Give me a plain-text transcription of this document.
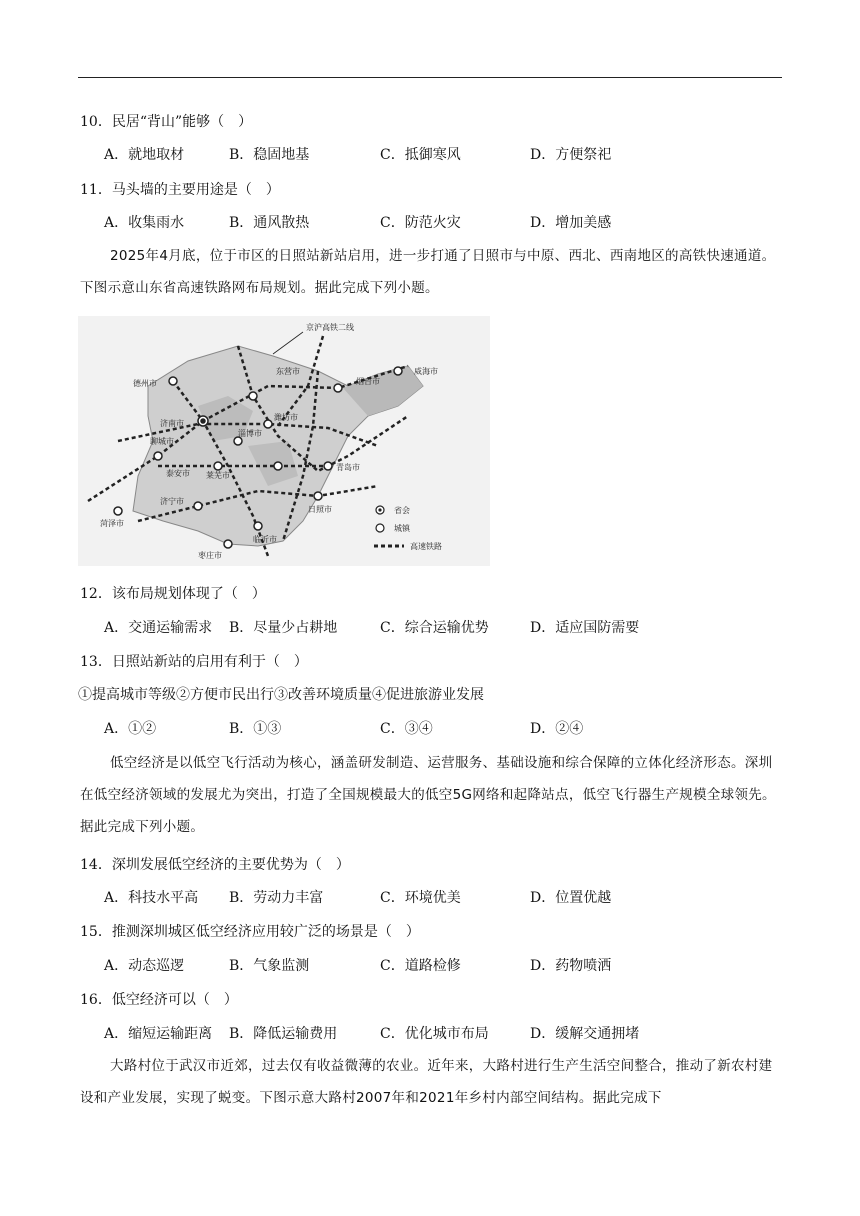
10．民居“背山”能够（　）
A．就地取材	B．稳固地基	C．抵御寒风	D．方便祭祀
11．马头墙的主要用途是（　）
A．收集雨水	B．通风散热	C．防范火灾	D．增加美感
2025年4月底，位于市区的日照站新站启用，进一步打通了日照市与中原、西北、西南地区的高铁快速通道。下图示意山东省高速铁路网布局规划。据此完成下列小题。
京沪高铁二线
德州市
东营市
烟台市
威海市
济南市
聊城市
淄博市
潍坊市
泰安市 莱芜市
青岛市
济宁市
日照市
菏泽市
临沂市
枣庄市
省会
城镇
高速铁路
12．该布局规划体现了（　）
A．交通运输需求 B．尽量少占耕地	C．综合运输优势	D．适应国防需要
13．日照站新站的启用有利于（　）
①提高城市等级②方便市民出行③改善环境质量④促进旅游业发展
A．①②	B．①③	C．③④	D．②④
低空经济是以低空飞行活动为核心，涵盖研发制造、运营服务、基础设施和综合保障的立体化经济形态。深圳在低空经济领域的发展尤为突出，打造了全国规模最大的低空5G网络和起降站点，低空飞行器生产规模全球领先。据此完成下列小题。
14．深圳发展低空经济的主要优势为（　）
A．科技水平高 B．劳动力丰富	C．环境优美	D．位置优越
15．推测深圳城区低空经济应用较广泛的场景是（　）
A．动态巡逻	B．气象监测	C．道路检修	D．药物喷洒
16．低空经济可以（　）
A．缩短运输距离 B．降低运输费用	C．优化城市布局	D．缓解交通拥堵
大路村位于武汉市近郊，过去仅有收益微薄的农业。近年来，大路村进行生产生活空间整合，推动了新农村建设和产业发展，实现了蜕变。下图示意大路村2007年和2021年乡村内部空间结构。据此完成下
